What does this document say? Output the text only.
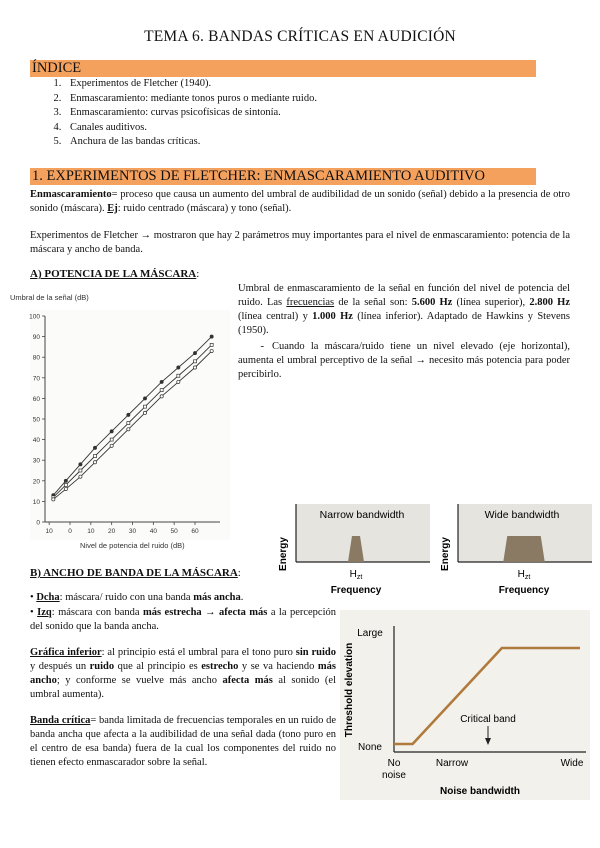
TEMA 6. BANDAS CRÍTICAS EN AUDICIÓN
ÍNDICE
1. Experimentos de Fletcher (1940).
2. Enmascaramiento: mediante tonos puros o mediante ruido.
3. Enmascaramiento: curvas psicofísicas de sintonía.
4. Canales auditivos.
5. Anchura de las bandas críticas.
1. EXPERIMENTOS DE FLETCHER: ENMASCARAMIENTO AUDITIVO
Enmascaramiento= proceso que causa un aumento del umbral de audibilidad de un sonido (señal) debido a la presencia de otro sonido (máscara). Ej: ruido centrado (máscara) y tono (señal).
Experimentos de Fletcher → mostraron que hay 2 parámetros muy importantes para el nivel de enmascaramiento: potencia de la máscara y ancho de banda.
A) POTENCIA DE LA MÁSCARA:
Umbral de la señal (dB)
0
10
20
30
40
50
60
70
80
90
100
10 0 10 20 30 40 50 60
Nivel de potencia del ruido (dB)
Umbral de enmascaramiento de la señal en función del nivel de potencia del ruido. Las frecuencias de la señal son: 5.600 Hz (línea superior), 2.800 Hz (línea central) y 1.000 Hz (línea inferior). Adaptado de Hawkins y Stevens (1950).
- Cuando la máscara/ruido tiene un nivel elevado (eje horizontal), aumenta el umbral perceptivo de la señal → necesito más potencia para poder percibirlo.
Energy
Narrow bandwidth
$H_{zt}$
Frequency
Energy
Wide bandwidth
$H_{zt}$
Frequency
B) ANCHO DE BANDA DE LA MÁSCARA:
• Dcha: máscara/ ruido con una banda más ancha.
• Izq: máscara con banda más estrecha → afecta más a la percepción del sonido que la banda ancha.
Gráfica inferior: al principio está el umbral para el tono puro sin ruido y después un ruido que al principio es estrecho y se va haciendo más ancho; y conforme se vuelve más ancho afecta más al sonido (el umbral aumenta).
Banda crítica= banda limitada de frecuencias temporales en un ruido de banda ancha que afecta a la audibilidad de una señal dada (tono puro en el centro de esa banda) fuera de la cual los componentes del ruido no tienen efecto enmascarador sobre la señal.
Threshold elevation
Large
None
No
noise
Narrow	Wide
Critical band
Noise bandwidth
